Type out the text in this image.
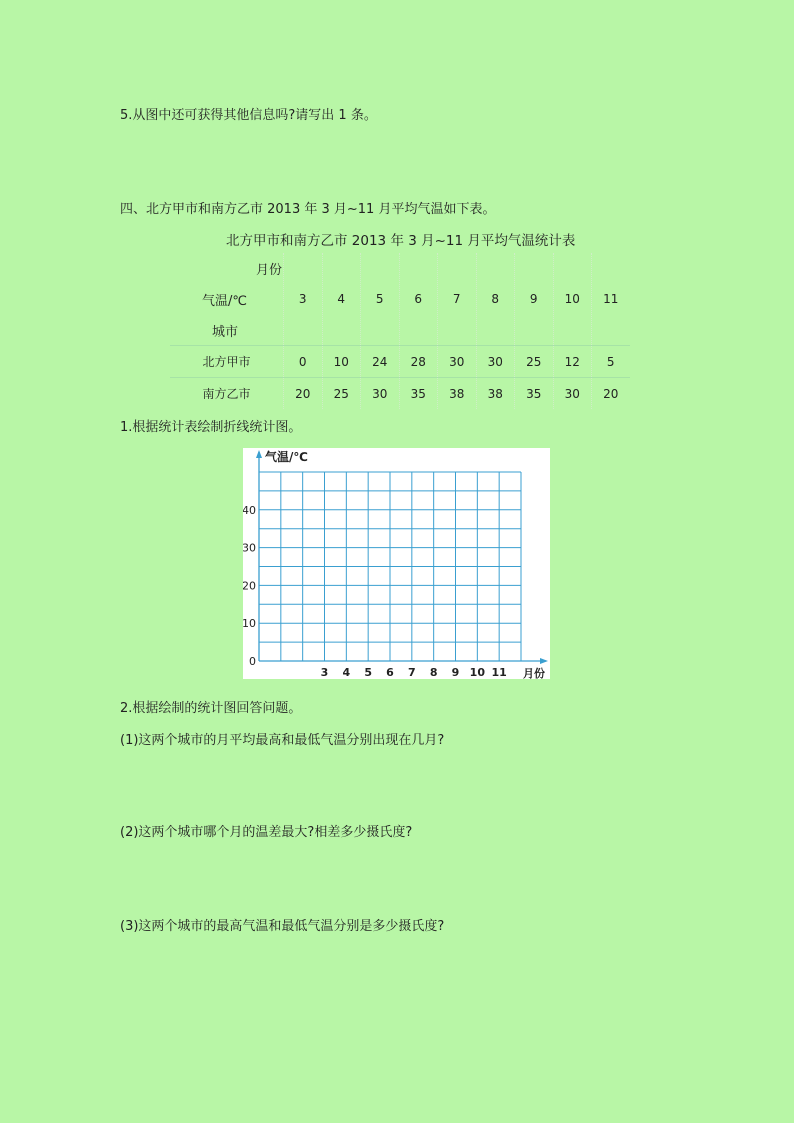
5.从图中还可获得其他信息吗?请写出 1 条。
四、北方甲市和南方乙市 2013 年 3 月~11 月平均气温如下表。
北方甲市和南方乙市 2013 年 3 月~11 月平均气温统计表
月份
气温/℃
城市	3	4	5	6	7	8	9	10	11
北方甲市	0	10	24	28	30	30	25	12	5
南方乙市	20	25	30	35	38	38	35	30	20
1.根据统计表绘制折线统计图。
气温/℃
月份
0
10
20
30
40
3 4 5 6 7 8 9 10 11
2.根据绘制的统计图回答问题。
(1)这两个城市的月平均最高和最低气温分别出现在几月?
(2)这两个城市哪个月的温差最大?相差多少摄氏度?
(3)这两个城市的最高气温和最低气温分别是多少摄氏度?
